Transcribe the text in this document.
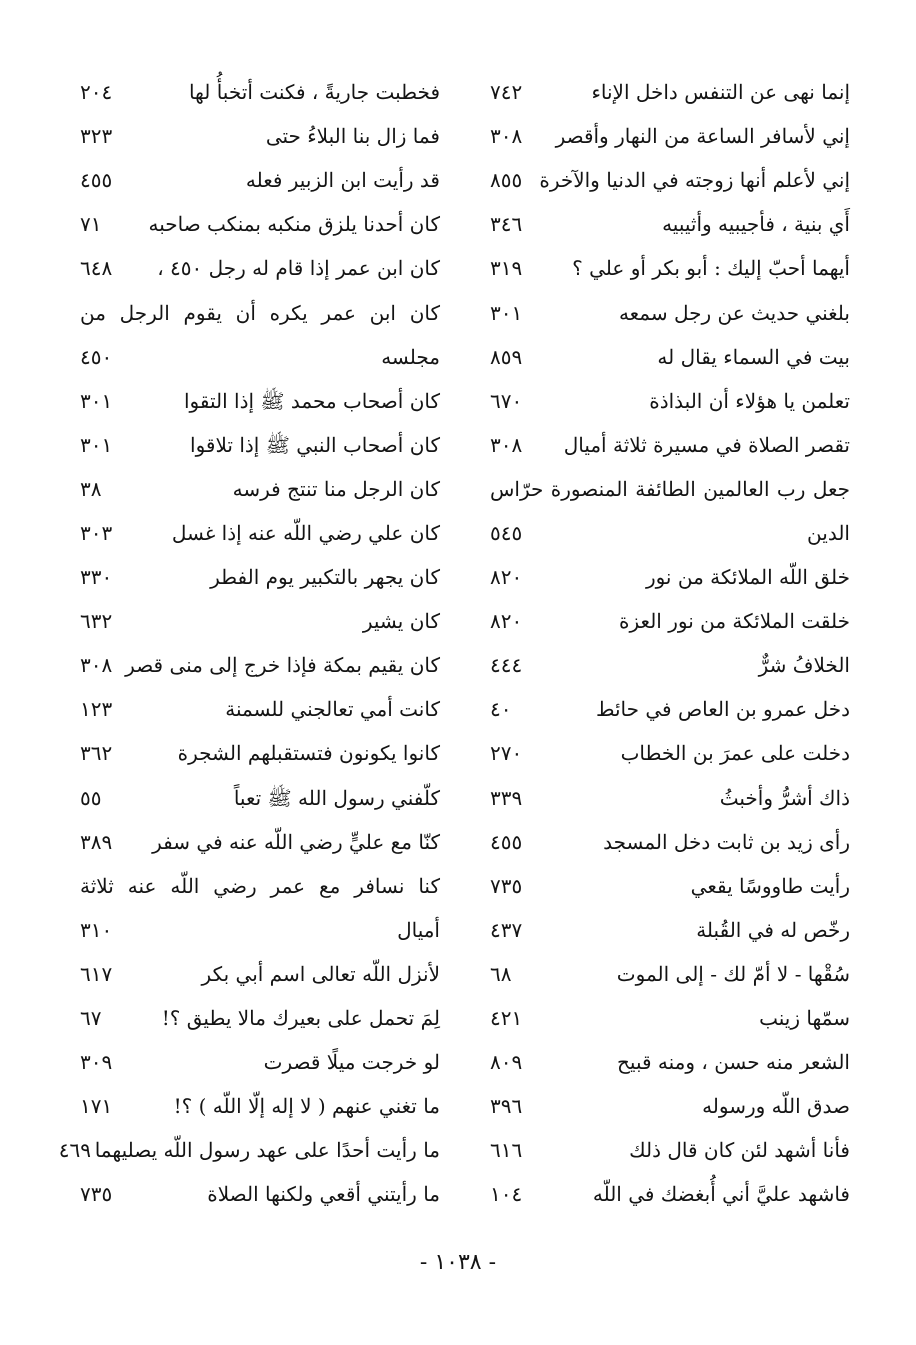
إنما نهى عن التنفس داخل الإناء
٧٤٢
إني لأسافر الساعة من النهار وأقصر
٣٠٨
إني لأعلم أنها زوجته في الدنيا والآخرة
٨٥٥
أَي بنية ، فأجيبيه وأثيبيه
٣٤٦
أيهما أحبّ إليك : أبو بكر أو علي ؟
٣١٩
بلغني حديث عن رجل سمعه
٣٠١
بيت في السماء يقال له
٨٥٩
تعلمن يا هؤلاء أن البذاذة
٦٧٠
تقصر الصلاة في مسيرة ثلاثة أميال
٣٠٨
جعل رب العالمين الطائفة المنصورة حرّاس
الدين
٥٤٥
خلق اللّه الملائكة من نور
٨٢٠
خلقت الملائكة من نور العزة
٨٢٠
الخلافُ شرٌّ
٤٤٤
دخل عمرو بن العاص في حائط
٤٠
دخلت على عمرَ بن الخطاب
٢٧٠
ذاك أشرُّ وأخبثُ
٣٣٩
رأى زيد بن ثابت دخل المسجد
٤٥٥
رأيت طاووسًا يقعي
٧٣٥
رخّص له في القُبلة
٤٣٧
سُقْها - لا أمّ لك - إلى الموت
٦٨
سمّها زينب
٤٢١
الشعر منه حسن ، ومنه قبيح
٨٠٩
صدق اللّه ورسوله
٣٩٦
فأنا أشهد لئن كان قال ذلك
٦١٦
فاشهد عليَّ أني أُبغضك في اللّه
١٠٤
فخطبت جاريةً ، فكنت أتخبأُ لها
٢٠٤
فما زال بنا البلاءُ حتى
٣٢٣
قد رأيت ابن الزبير فعله
٤٥٥
كان أحدنا يلزق منكبه بمنكب صاحبه
٧١
كان ابن عمر إذا قام له رجل ٤٥٠ ،
٦٤٨
كان ابن عمر يكره أن يقوم الرجل من
مجلسه
٤٥٠
كان أصحاب محمد ﷺ إذا التقوا
٣٠١
كان أصحاب النبي ﷺ إذا تلاقوا
٣٠١
كان الرجل منا تنتج فرسه
٣٨
كان علي رضي اللّه عنه إذا غسل
٣٠٣
كان يجهر بالتكبير يوم الفطر
٣٣٠
كان يشير
٦٣٢
كان يقيم بمكة فإذا خرج إلى منى قصر
٣٠٨
كانت أمي تعالجني للسمنة
١٢٣
كانوا يكونون فتستقبلهم الشجرة
٣٦٢
كلّفني رسول الله ﷺ تعباً
٥٥
كنّا مع عليٍّ رضي اللّه عنه في سفر
٣٨٩
كنا نسافر مع عمر رضي اللّه عنه ثلاثة
أميال
٣١٠
لأنزل اللّه تعالى اسم أبي بكر
٦١٧
لِمَ تحمل على بعيرك مالا يطيق ؟!
٦٧
لو خرجت ميلًا قصرت
٣٠٩
ما تغني عنهم ( لا إله إلّا اللّه ) ؟!
١٧١
ما رأيت أحدًا على عهد رسول اللّه يصليهما
٤٦٩
ما رأيتني أقعي ولكنها الصلاة
٧٣٥
- ١٠٣٨ -
